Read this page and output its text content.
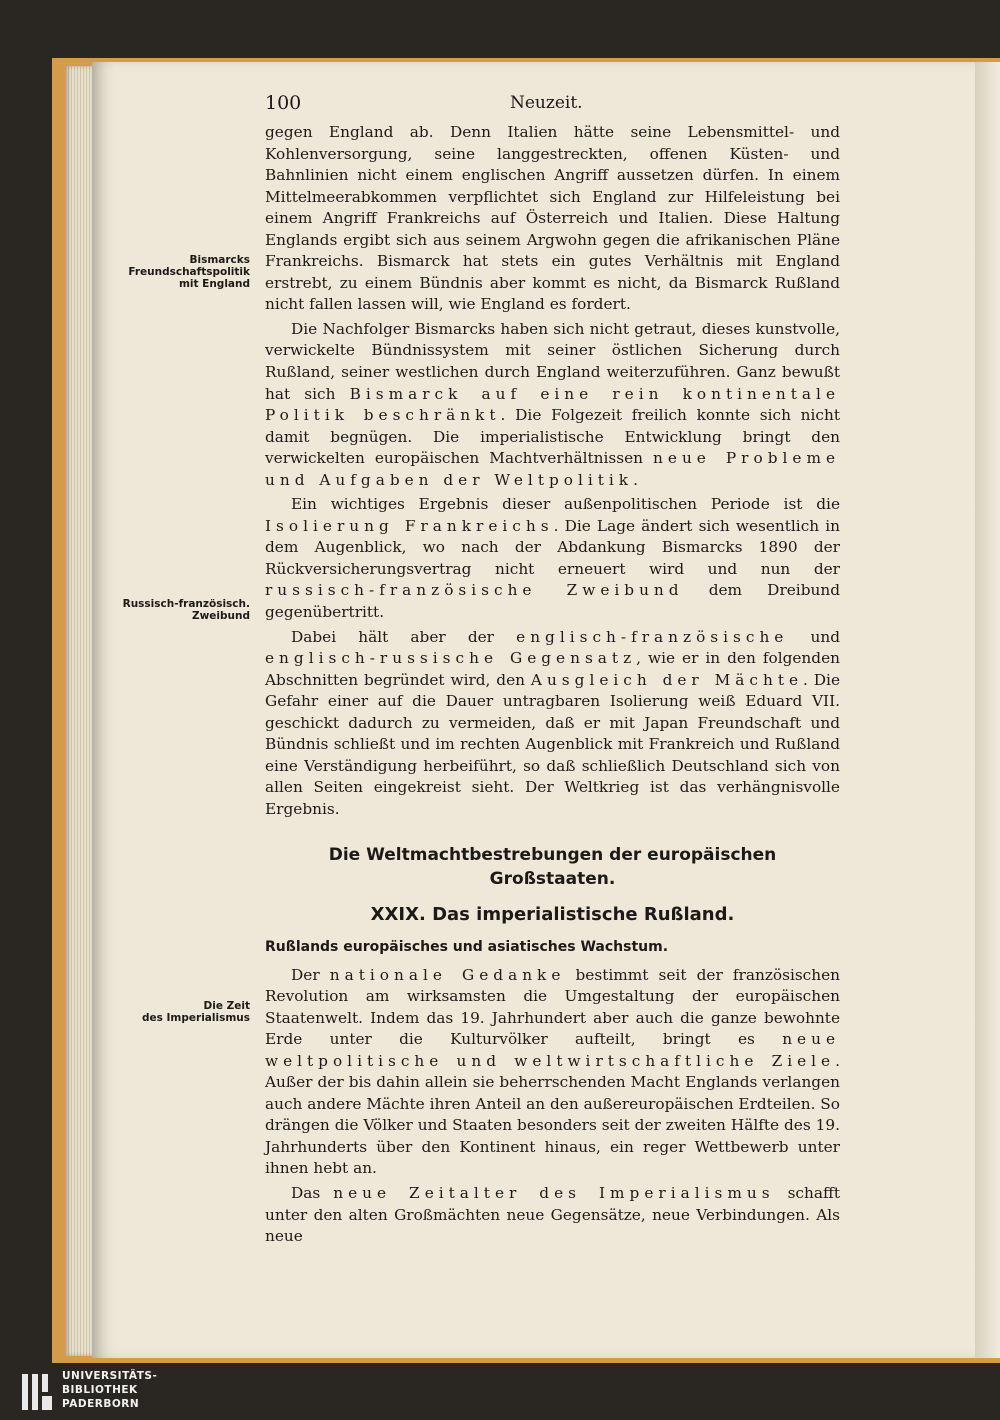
100	Neuzeit.
Bismarcks
Freundschaftspolitik
mit England
Russisch-französisch.
Zweibund
Die Zeit
des Imperialismus

gegen England ab. Denn Italien hätte seine Lebensmittel- und Kohlenversorgung, seine langgestreckten, offenen Küsten- und Bahnlinien nicht einem englischen Angriff aussetzen dürfen. In einem Mittelmeerabkommen verpflichtet sich England zur Hilfeleistung bei einem Angriff Frankreichs auf Österreich und Italien. Diese Haltung Englands ergibt sich aus seinem Argwohn gegen die afrikanischen Pläne Frankreichs. Bismarck hat stets ein gutes Verhältnis mit England erstrebt, zu einem Bündnis aber kommt es nicht, da Bismarck Rußland nicht fallen lassen will, wie England es fordert.

Die Nachfolger Bismarcks haben sich nicht getraut, dieses kunstvolle, verwickelte Bündnissystem mit seiner östlichen Sicherung durch Rußland, seiner westlichen durch England weiterzuführen. Ganz bewußt hat sich Bismarck auf eine rein kontinentale Politik beschränkt. Die Folgezeit freilich konnte sich nicht damit begnügen. Die imperialistische Entwicklung bringt den verwickelten europäischen Machtverhältnissen neue Probleme und Aufgaben der Weltpolitik.

Ein wichtiges Ergebnis dieser außenpolitischen Periode ist die Isolierung Frankreichs. Die Lage ändert sich wesentlich in dem Augenblick, wo nach der Abdankung Bismarcks 1890 der Rückversicherungsvertrag nicht erneuert wird und nun der russisch-französische Zweibund dem Dreibund gegenübertritt.

Dabei hält aber der englisch-französische und englisch-russische Gegensatz, wie er in den folgenden Abschnitten begründet wird, den Ausgleich der Mächte. Die Gefahr einer auf die Dauer untragbaren Isolierung weiß Eduard VII. geschickt dadurch zu vermeiden, daß er mit Japan Freundschaft und Bündnis schließt und im rechten Augenblick mit Frankreich und Rußland eine Verständigung herbeiführt, so daß schließlich Deutschland sich von allen Seiten eingekreist sieht. Der Weltkrieg ist das verhängnisvolle Ergebnis.

Die Weltmachtbestrebungen der europäischen Großstaaten.
XXIX. Das imperialistische Rußland.
Rußlands europäisches und asiatisches Wachstum.

Der nationale Gedanke bestimmt seit der französischen Revolution am wirksamsten die Umgestaltung der europäischen Staatenwelt. Indem das 19. Jahrhundert aber auch die ganze bewohnte Erde unter die Kulturvölker aufteilt, bringt es neue weltpolitische und weltwirtschaftliche Ziele. Außer der bis dahin allein sie beherrschenden Macht Englands verlangen auch andere Mächte ihren Anteil an den außereuropäischen Erdteilen. So drängen die Völker und Staaten besonders seit der zweiten Hälfte des 19. Jahrhunderts über den Kontinent hinaus, ein reger Wettbewerb unter ihnen hebt an.

Das neue Zeitalter des Imperialismus schafft unter den alten Großmächten neue Gegensätze, neue Verbindungen. Als neue

UNIVERSITÄTS-
BIBLIOTHEK
PADERBORN
